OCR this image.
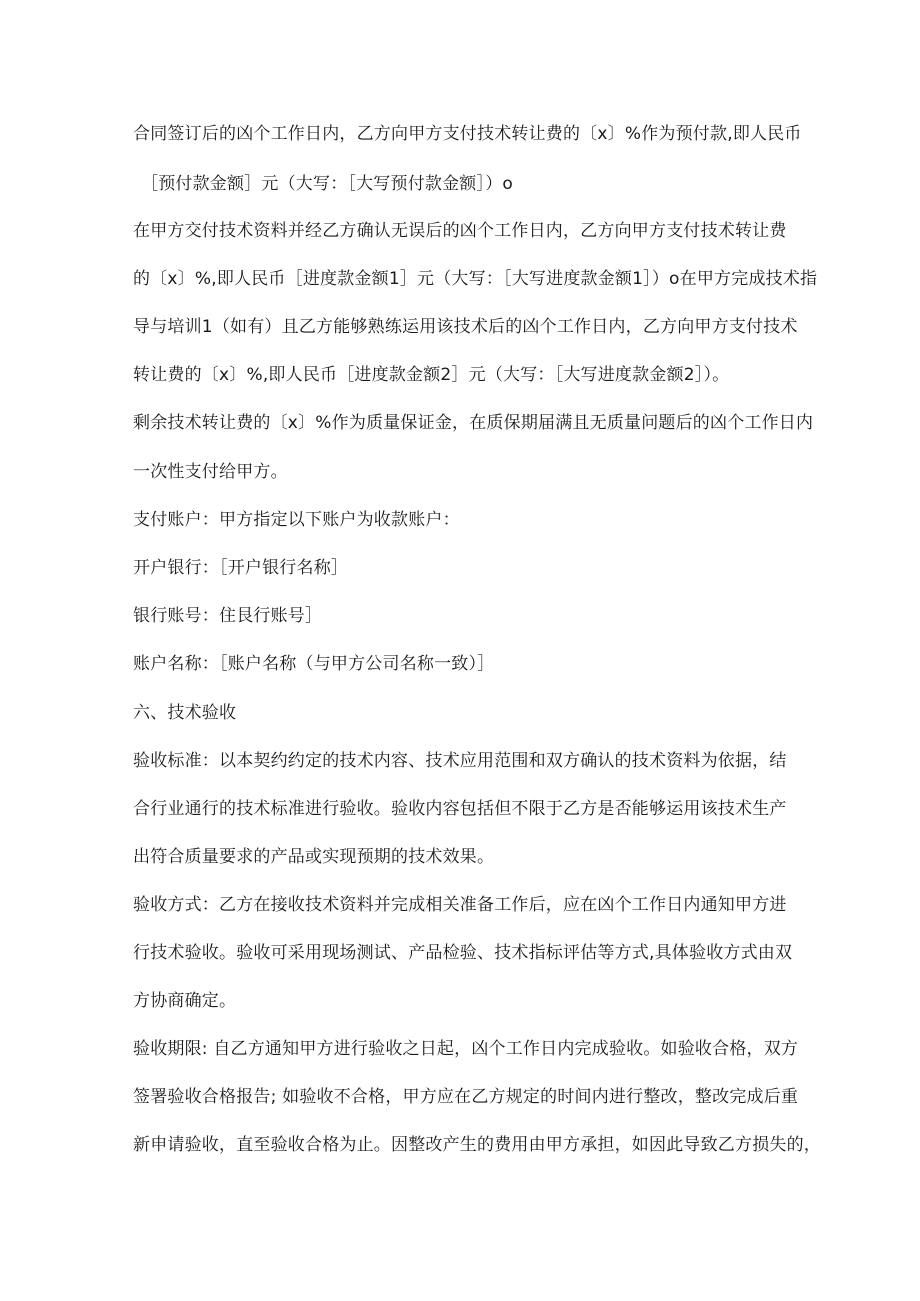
合同签订后的凶个工作日内，乙方向甲方支付技术转让费的〔x〕%作为预付款,即人民币
［预付款金额］元（大写：［大写预付款金额］）o
在甲方交付技术资料并经乙方确认无误后的凶个工作日内，乙方向甲方支付技术转让费
的〔x〕%,即人民币［进度款金额1］元（大写：［大写进度款金额1］）o在甲方完成技术指
导与培训1（如有）且乙方能够熟练运用该技术后的凶个工作日内，乙方向甲方支付技术
转让费的〔x〕%,即人民币［进度款金额2］元（大写：［大写进度款金额2］）。
剩余技术转让费的〔x〕%作为质量保证金，在质保期届满且无质量问题后的凶个工作日内
一次性支付给甲方。
支付账户：甲方指定以下账户为收款账户：
开户银行：［开户银行名称］
银行账号：住艮行账号］
账户名称：［账户名称（与甲方公司名称一致）］
六、技术验收
验收标准：以本契约约定的技术内容、技术应用范围和双方确认的技术资料为依据，结
合行业通行的技术标准进行验收。验收内容包括但不限于乙方是否能够运用该技术生产
出符合质量要求的产品或实现预期的技术效果。
验收方式：乙方在接收技术资料并完成相关准备工作后，应在凶个工作日内通知甲方进
行技术验收。验收可采用现场测试、产品检验、技术指标评估等方式,具体验收方式由双
方协商确定。
验收期限: 自乙方通知甲方进行验收之日起，凶个工作日内完成验收。如验收合格，双方
签署验收合格报告; 如验收不合格，甲方应在乙方规定的时间内进行整改，整改完成后重
新申请验收，直至验收合格为止。因整改产生的费用由甲方承担，如因此导致乙方损失的，
